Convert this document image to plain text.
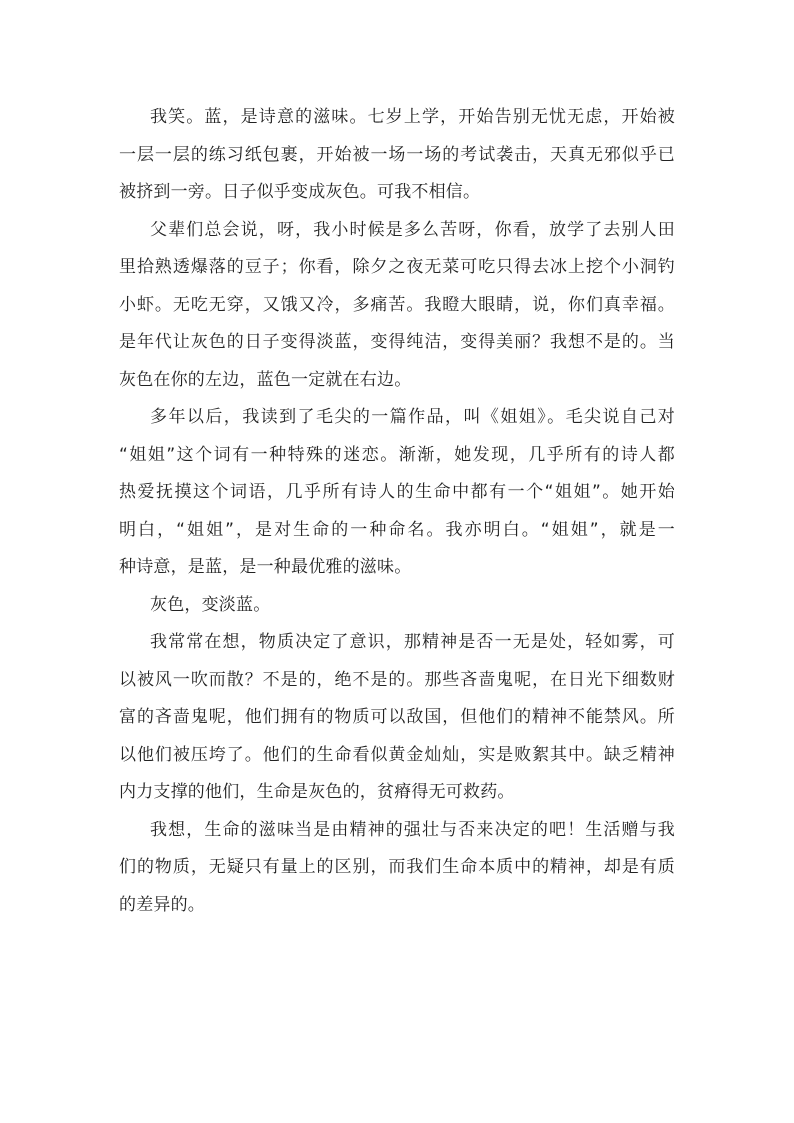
我笑。蓝，是诗意的滋味。七岁上学，开始告别无忧无虑，开始被
一层一层的练习纸包裹，开始被一场一场的考试袭击，天真无邪似乎已
被挤到一旁。日子似乎变成灰色。可我不相信。

父辈们总会说，呀，我小时候是多么苦呀，你看，放学了去别人田
里拾熟透爆落的豆子；你看，除夕之夜无菜可吃只得去冰上挖个小洞钓
小虾。无吃无穿，又饿又冷，多痛苦。我瞪大眼睛，说，你们真幸福。
是年代让灰色的日子变得淡蓝，变得纯洁，变得美丽？我想不是的。当
灰色在你的左边，蓝色一定就在右边。

多年以后，我读到了毛尖的一篇作品，叫《姐姐》。毛尖说自己对
“姐姐”这个词有一种特殊的迷恋。渐渐，她发现，几乎所有的诗人都
热爱抚摸这个词语，几乎所有诗人的生命中都有一个“姐姐”。她开始
明白，“姐姐”，是对生命的一种命名。我亦明白。“姐姐”，就是一
种诗意，是蓝，是一种最优雅的滋味。

灰色，变淡蓝。

我常常在想，物质决定了意识，那精神是否一无是处，轻如雾，可
以被风一吹而散？不是的，绝不是的。那些吝啬鬼呢，在日光下细数财
富的吝啬鬼呢，他们拥有的物质可以敌国，但他们的精神不能禁风。所
以他们被压垮了。他们的生命看似黄金灿灿，实是败絮其中。缺乏精神
内力支撑的他们，生命是灰色的，贫瘠得无可救药。

我想，生命的滋味当是由精神的强壮与否来决定的吧！生活赠与我
们的物质，无疑只有量上的区别，而我们生命本质中的精神，却是有质
的差异的。
